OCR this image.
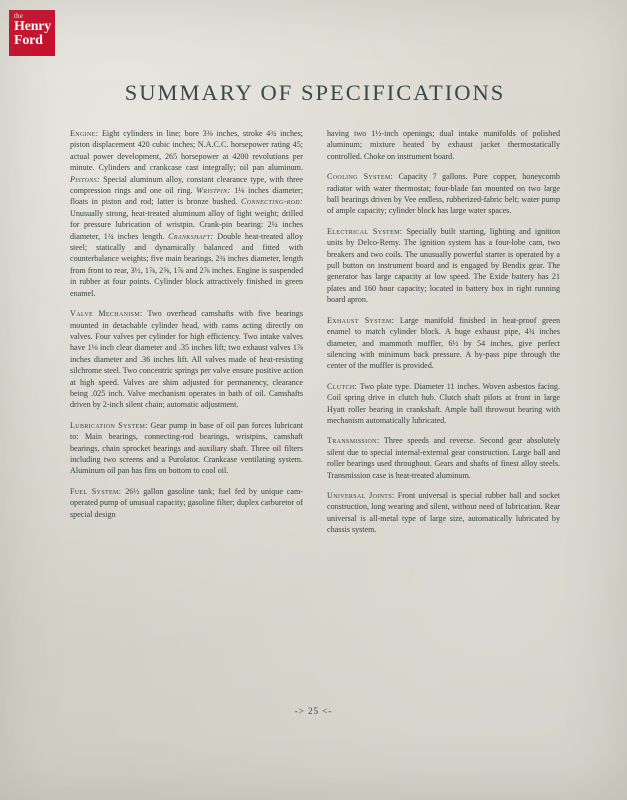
the
Henry
Ford
SUMMARY OF SPECIFICATIONS

Engine: Eight cylinders in line; bore 3⅜ inches, stroke 4¾ inches; piston displacement 420 cubic inches; N.A.C.C. horsepower rating 45; actual power development, 265 horsepower at 4200 revolutions per minute. Cylinders and crankcase cast integrally; oil pan aluminum. Pistons: Special aluminum alloy, constant clearance type, with three compression rings and one oil ring. Wristpin: 1⅛ inches diameter; floats in piston and rod; latter is bronze bushed. Connecting-rod: Unusually strong, heat-treated aluminum alloy of light weight; drilled for pressure lubrication of wristpin. Crank-pin bearing: 2¼ inches diameter, 1¾ inches length. Crankshaft: Double heat-treated alloy steel; statically and dynamically balanced and fitted with counterbalance weights; five main bearings, 2¾ inches diameter, length from front to rear, 3½, 1⅞, 2⅝, 1⅞ and 2⅞ inches. Engine is suspended in rubber at four points. Cylinder block attractively finished in green enamel.

Valve Mechanism: Two overhead camshafts with five bearings mounted in detachable cylinder head, with cams acting directly on valves. Four valves per cylinder for high efficiency. Two intake valves have 1⅛ inch clear diameter and .35 inches lift; two exhaust valves 1⅞ inches diameter and .36 inches lift. All valves made of heat-resisting silchrome steel. Two concentric springs per valve ensure positive action at high speed. Valves are shim adjusted for permanency, clearance being .025 inch. Valve mechanism operates in bath of oil. Camshafts driven by 2-inch silent chain; automatic adjustment.

Lubrication System: Gear pump in base of oil pan forces lubricant to: Main bearings, connecting-rod bearings, wristpins, camshaft bearings, chain sprocket bearings and auxiliary shaft. Three oil filters including two screens and a Purolator. Crankcase ventilating system. Aluminum oil pan has fins on bottom to cool oil.

Fuel System: 26½ gallon gasoline tank; fuel fed by unique cam-operated pump of unusual capacity; gasoline filter; duplex carburetor of special design

having two 1½-inch openings; dual intake manifolds of polished aluminum; mixture heated by exhaust jacket thermostatically controlled. Choke on instrument board.

Cooling System: Capacity 7 gallons. Pure copper, honeycomb radiator with water thermostat; four-blade fan mounted on two large ball bearings driven by Vee endless, rubberized-fabric belt; water pump of ample capacity; cylinder block has large water spaces.

Electrical System: Specially built starting, lighting and ignition units by Delco-Remy. The ignition system has a four-lobe cam, two breakers and two coils. The unusually powerful starter is operated by a pull button on instrument board and is engaged by Bendix gear. The generator has large capacity at low speed. The Exide battery has 21 plates and 160 hour capacity; located in battery box in right running board apron.

Exhaust System: Large manifold finished in heat-proof green enamel to match cylinder block. A huge exhaust pipe, 4¾ inches diameter, and mammoth muffler, 6½ by 54 inches, give perfect silencing with minimum back pressure. A by-pass pipe through the center of the muffler is provided.

Clutch: Two plate type. Diameter 11 inches. Woven asbestos facing. Coil spring drive in clutch hub. Clutch shaft pilots at front in large Hyatt roller bearing in crankshaft. Ample ball throwout bearing with mechanism automatically lubricated.

Transmission: Three speeds and reverse. Second gear absolutely silent due to special internal-external gear construction. Large ball and roller bearings used throughout. Gears and shafts of finest alloy steels. Transmission case is heat-treated aluminum.

Universal Joints: Front universal is special rubber ball and socket construction, long wearing and silent, without need of lubrication. Rear universal is all-metal type of large size, automatically lubricated by chassis system.

-> 25 <-
